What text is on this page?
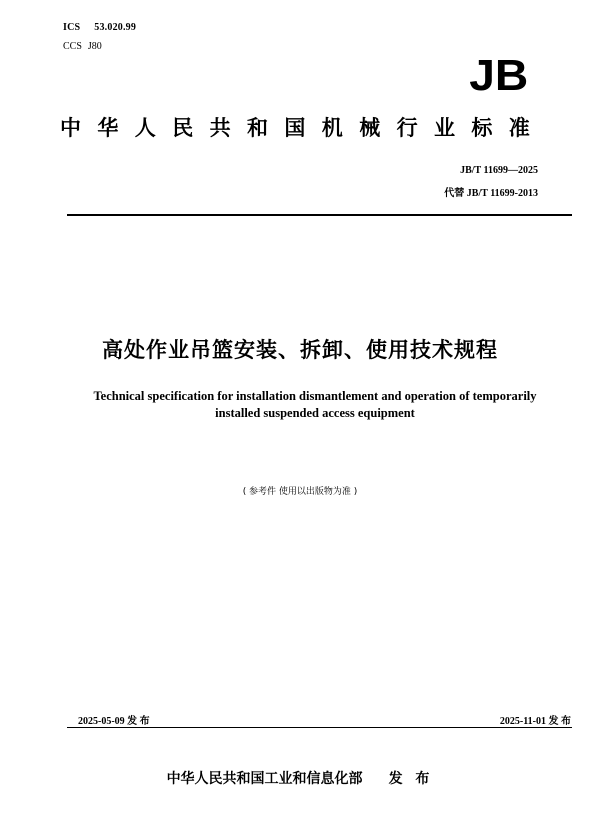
ICS 53.020.99
CCS J80
JB
中华人民共和国机械行业标准
JB/T 11699—2025
代替 JB/T 11699-2013
高处作业吊篮安装、拆卸、使用技术规程
Technical specification for installation dismantlement and operation of temporarily
installed suspended access equipment
( 参考件 使用以出版物为准 )
2025-05-09 发 布	2025-11-01 发 布
中华人民共和国工业和信息化部 发 布
